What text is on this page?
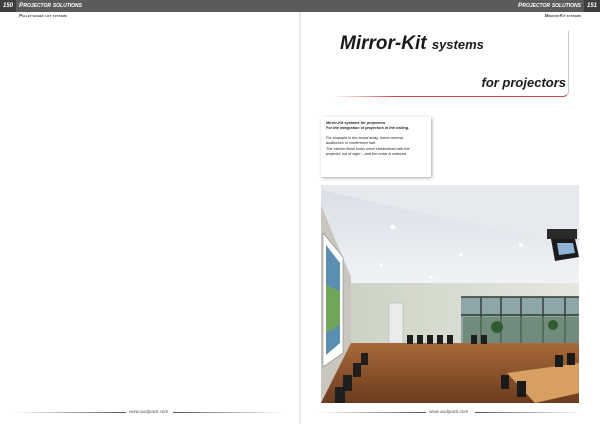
150 Projector solutions	Projector solutions 151
Pulley-based lift systems	Mirror-Kit systems
Mirror-Kit systems
for projectors

Mirror-Kit systems for projectors

For the integration of projectors in the ceiling.

For example in the board away, home cinema,

auditorium or conference hall.

The interior finish looks more streamlined with the

projector out of sight – and the noise is reduced.

www.audipack.com	www.audipack.com
